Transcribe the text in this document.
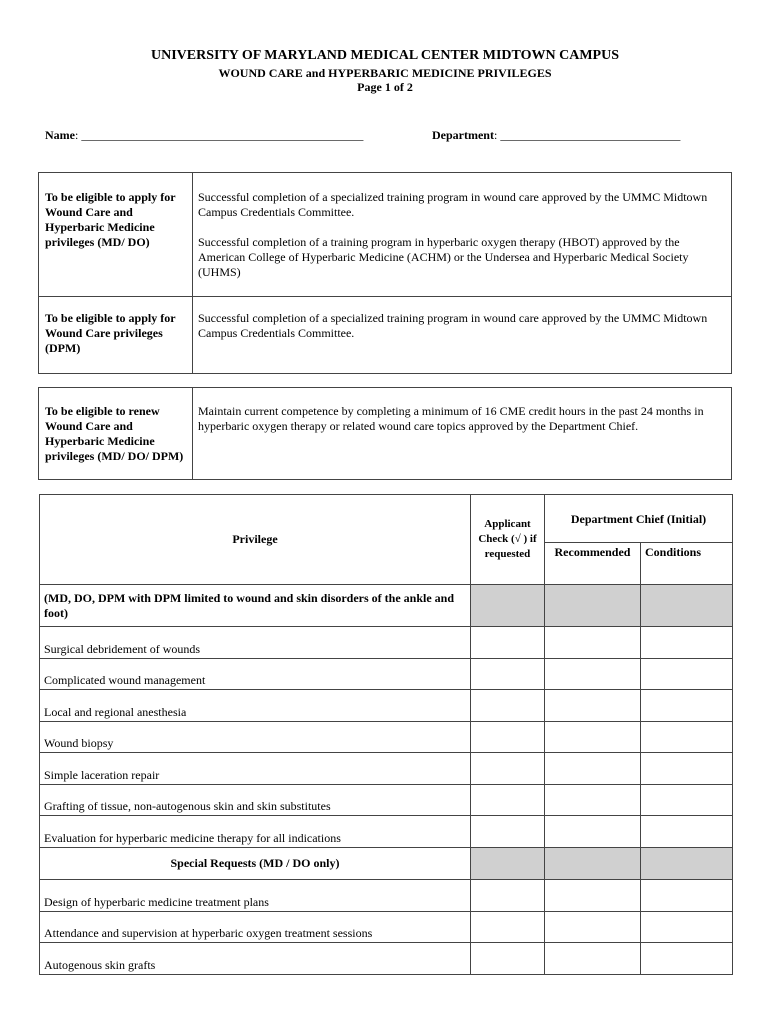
UNIVERSITY OF MARYLAND MEDICAL CENTER MIDTOWN CAMPUS
WOUND CARE and HYPERBARIC MEDICINE PRIVILEGES
Page 1 of 2
Name: _______________________________________________	Department: ______________________________
To be eligible to apply for Wound Care and Hyperbaric Medicine privileges (MD/ DO)	Successful completion of a specialized training program in wound care approved by the UMMC Midtown Campus Credentials Committee.

Successful completion of a training program in hyperbaric oxygen therapy (HBOT) approved by the American College of Hyperbaric Medicine (ACHM) or the Undersea and Hyperbaric Medical Society (UHMS)

To be eligible to apply for Wound Care privileges (DPM)	Successful completion of a specialized training program in wound care approved by the UMMC Midtown Campus Credentials Committee.

To be eligible to renew Wound Care and Hyperbaric Medicine privileges (MD/ DO/ DPM)	Maintain current competence by completing a minimum of 16 CME credit hours in the past 24 months in hyperbaric oxygen therapy or related wound care topics approved by the Department Chief.
Privilege	Applicant Check (√ ) if requested	Department Chief (Initial)	
		Recommended	Conditions
(MD, DO, DPM with DPM limited to wound and skin disorders of the ankle and foot)			
Surgical debridement of wounds			
Complicated wound management			
Local and regional anesthesia			
Wound biopsy			
Simple laceration repair			
Grafting of tissue, non-autogenous skin and skin substitutes			
Evaluation for hyperbaric medicine therapy for all indications			
Special Requests (MD / DO only)			
Design of hyperbaric medicine treatment plans			
Attendance and supervision at hyperbaric oxygen treatment sessions			
Autogenous skin grafts			
